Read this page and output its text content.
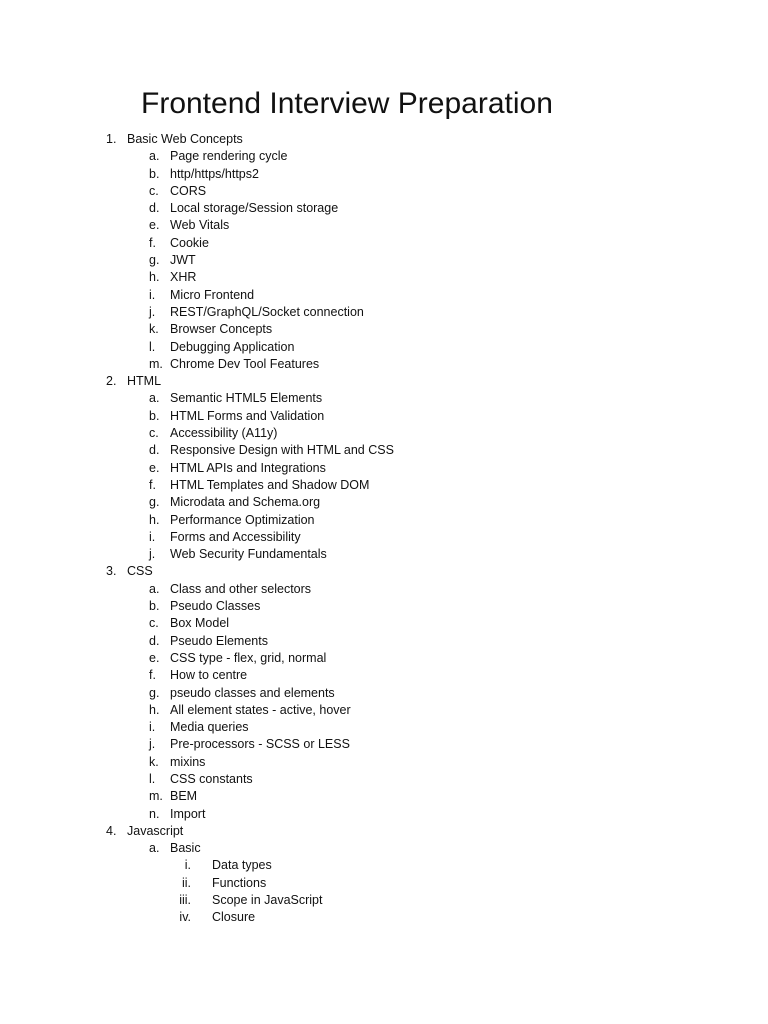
Frontend Interview Preparation
1. Basic Web Concepts
a. Page rendering cycle
b. http/https/https2
c. CORS
d. Local storage/Session storage
e. Web Vitals
f. Cookie
g. JWT
h. XHR
i. Micro Frontend
j. REST/GraphQL/Socket connection
k. Browser Concepts
l. Debugging Application
m. Chrome Dev Tool Features
2. HTML
a. Semantic HTML5 Elements
b. HTML Forms and Validation
c. Accessibility (A11y)
d. Responsive Design with HTML and CSS
e. HTML APIs and Integrations
f. HTML Templates and Shadow DOM
g. Microdata and Schema.org
h. Performance Optimization
i. Forms and Accessibility
j. Web Security Fundamentals
3. CSS
a. Class and other selectors
b. Pseudo Classes
c. Box Model
d. Pseudo Elements
e. CSS type - flex, grid, normal
f. How to centre
g. pseudo classes and elements
h. All element states - active, hover
i. Media queries
j. Pre-processors - SCSS or LESS
k. mixins
l. CSS constants
m. BEM
n. Import
4. Javascript
a. Basic
i. Data types
ii. Functions
iii. Scope in JavaScript
iv. Closure
